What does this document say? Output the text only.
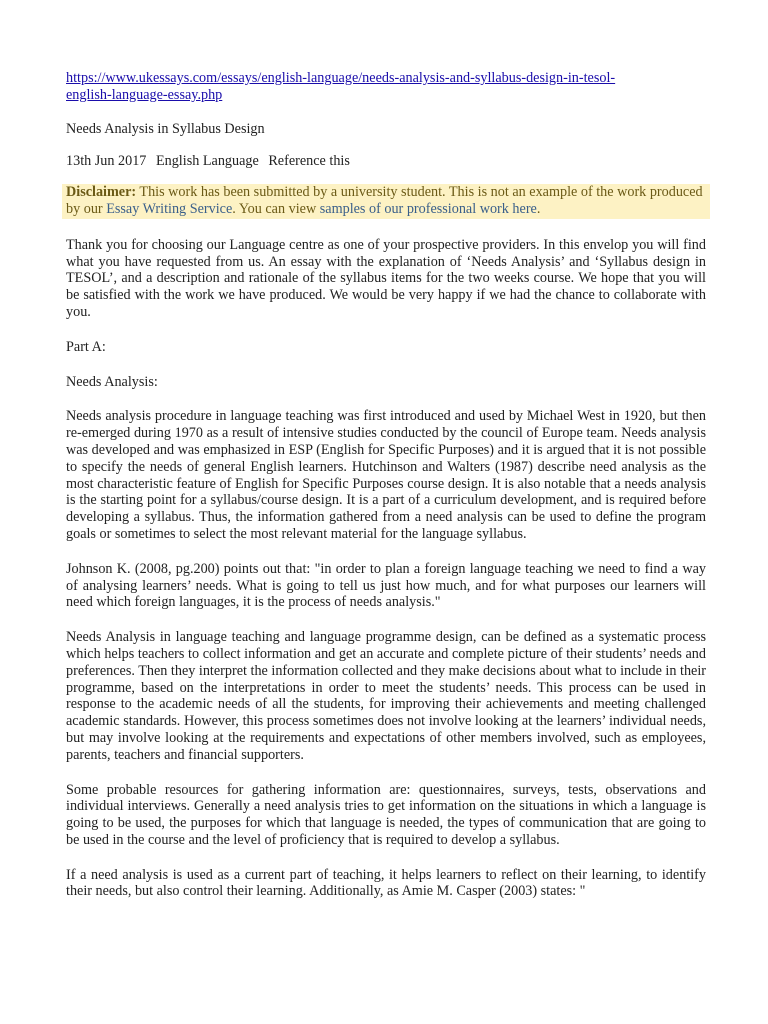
https://www.ukessays.com/essays/english-language/needs-analysis-and-syllabus-design-in-tesol-
english-language-essay.php

Needs Analysis in Syllabus Design

13th Jun 2017 English Language Reference this

Disclaimer: This work has been submitted by a university student. This is not an example of the work produced by our Essay Writing Service. You can view samples of our professional work here.

Thank you for choosing our Language centre as one of your prospective providers. In this envelop you will find what you have requested from us. An essay with the explanation of ‘Needs Analysis’ and ‘Syllabus design in TESOL’, and a description and rationale of the syllabus items for the two weeks course. We hope that you will be satisfied with the work we have produced. We would be very happy if we had the chance to collaborate with you.

Part A:

Needs Analysis:

Needs analysis procedure in language teaching was first introduced and used by Michael West in 1920, but then re-emerged during 1970 as a result of intensive studies conducted by the council of Europe team. Needs analysis was developed and was emphasized in ESP (English for Specific Purposes) and it is argued that it is not possible to specify the needs of general English learners. Hutchinson and Walters (1987) describe need analysis as the most characteristic feature of English for Specific Purposes course design. It is also notable that a needs analysis is the starting point for a syllabus/course design. It is a part of a curriculum development, and is required before developing a syllabus. Thus, the information gathered from a need analysis can be used to define the program goals or sometimes to select the most relevant material for the language syllabus.

Johnson K. (2008, pg.200) points out that: "in order to plan a foreign language teaching we need to find a way of analysing learners’ needs. What is going to tell us just how much, and for what purposes our learners will need which foreign languages, it is the process of needs analysis."

Needs Analysis in language teaching and language programme design, can be defined as a systematic process which helps teachers to collect information and get an accurate and complete picture of their students’ needs and preferences. Then they interpret the information collected and they make decisions about what to include in their programme, based on the interpretations in order to meet the students’ needs. This process can be used in response to the academic needs of all the students, for improving their achievements and meeting challenged academic standards. However, this process sometimes does not involve looking at the learners’ individual needs, but may involve looking at the requirements and expectations of other members involved, such as employees, parents, teachers and financial supporters.

Some probable resources for gathering information are: questionnaires, surveys, tests, observations and individual interviews. Generally a need analysis tries to get information on the situations in which a language is going to be used, the purposes for which that language is needed, the types of communication that are going to be used in the course and the level of proficiency that is required to develop a syllabus.

If a need analysis is used as a current part of teaching, it helps learners to reflect on their learning, to identify their needs, but also control their learning. Additionally, as Amie M. Casper (2003) states: "
